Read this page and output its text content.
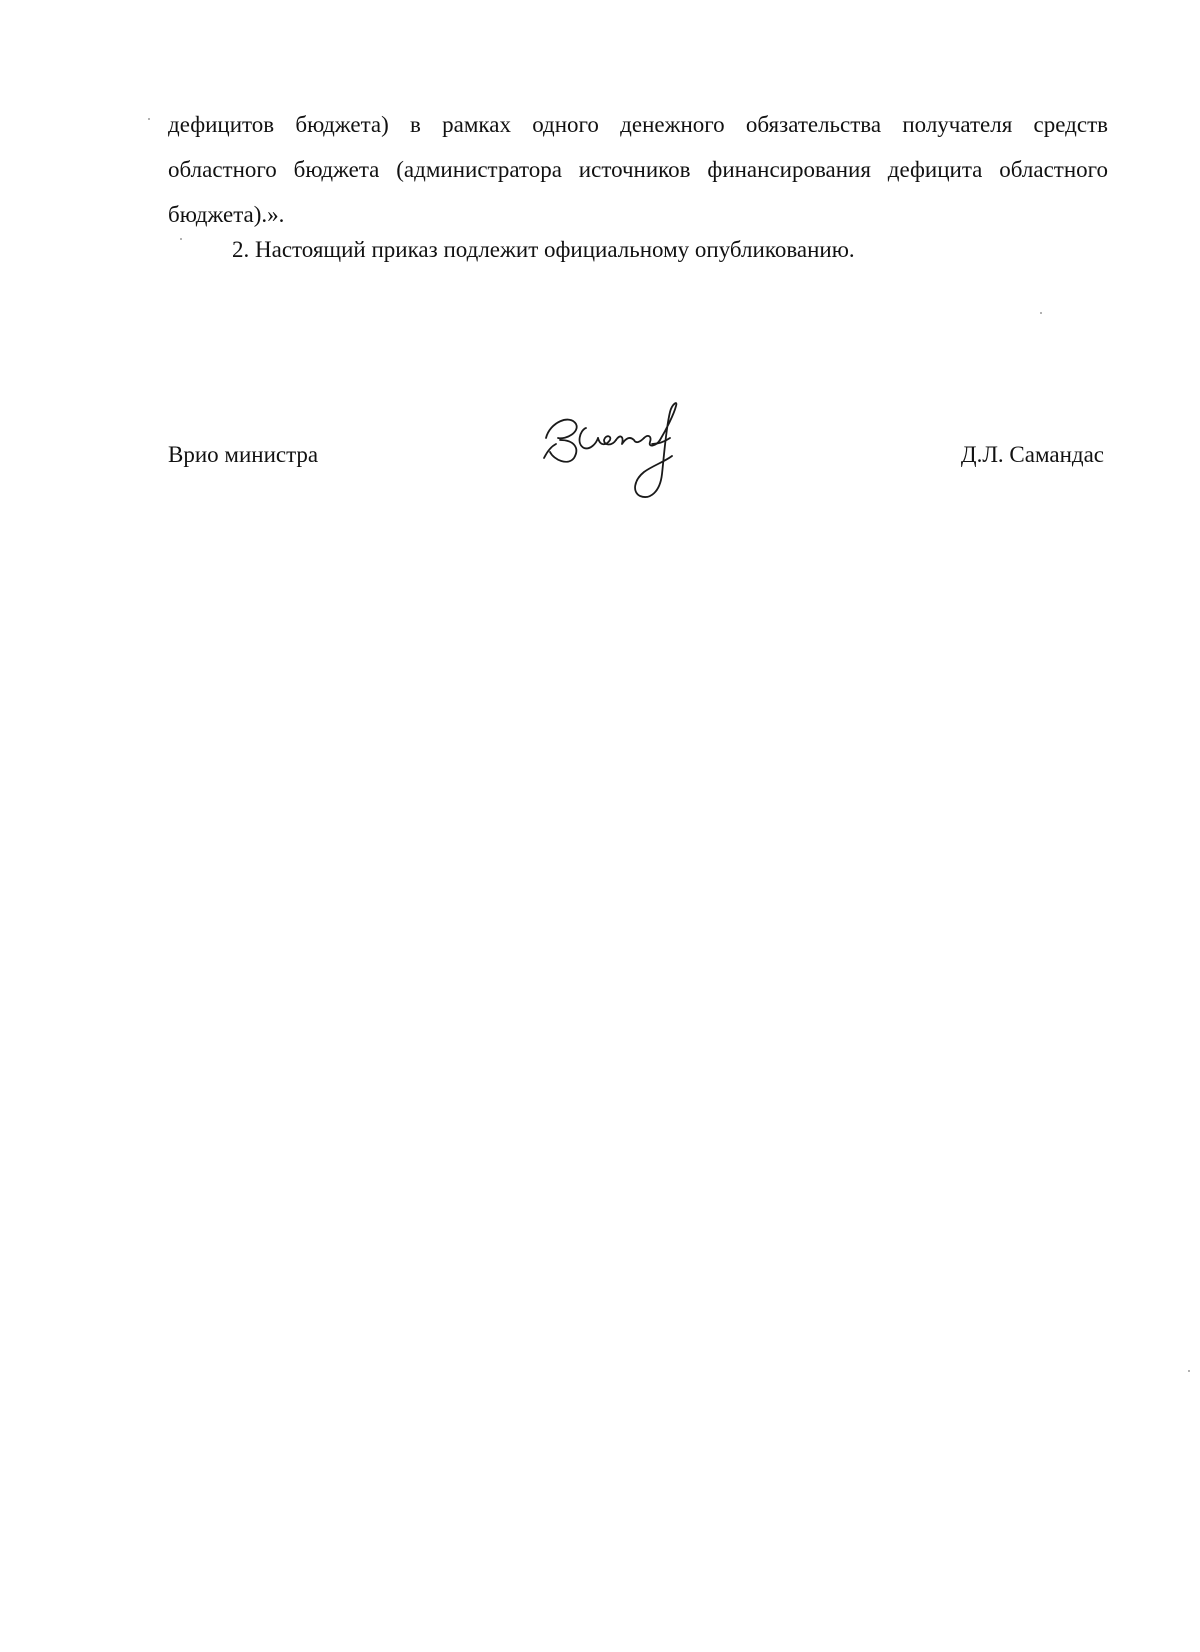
дефицитов бюджета) в рамках одного денежного обязательства получателя средств
областного бюджета (администратора источников финансирования дефицита областного
бюджета).».

2. Настоящий приказ подлежит официальному опубликованию.

Врио министра	Д.Л. Самандас
